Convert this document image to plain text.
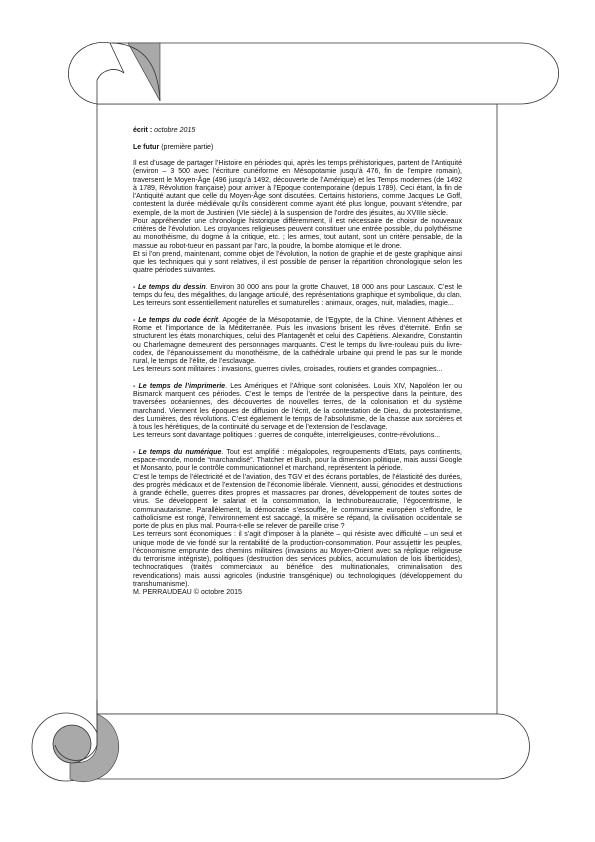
écrit : octobre 2015

Le futur (première partie)

Il est d’usage de partager l’Histoire en périodes qui, après les temps préhistoriques, partent de l’Antiquité (environ – 3 500 avec l’écriture cunéiforme en Mésopotamie jusqu’à 476, fin de l’empire romain), traversent le Moyen-Âge (496 jusqu’à 1492, découverte de l’Amérique) et les Temps modernes (de 1492 à 1789, Révolution française) pour arriver à l’Epoque contemporaine (depuis 1789). Ceci étant, la fin de l’Antiquité autant que celle du Moyen-Âge sont discutées. Certains historiens, comme Jacques Le Goff, contestent la durée médiévale qu’ils considèrent comme ayant été plus longue, pouvant s’étendre, par exemple, de la mort de Justinien (VIe siècle) à la suspension de l’ordre des jésuites, au XVIIIe siècle.

Pour appréhender une chronologie historique différemment, il est nécessaire de choisir de nouveaux critères de l’évolution. Les croyances religieuses peuvent constituer une entrée possible, du polythéisme au monothéisme, du dogme à la critique, etc. ; les armes, tout autant, sont un critère pensable, de la massue au robot-tueur en passant par l’arc, la poudre, la bombe atomique et le drone.

Et si l’on prend, maintenant, comme objet de l’évolution, la notion de graphie et de geste graphique ainsi que les techniques qui y sont relatives, il est possible de penser la répartition chronologique selon les quatre périodes suivantes.

- Le temps du dessin. Environ 30 000 ans pour la grotte Chauvet, 18 000 ans pour Lascaux. C’est le temps du feu, des mégalithes, du langage articulé, des représentations graphique et symbolique, du clan.

Les terreurs sont essentiellement naturelles et surnaturelles : animaux, orages, nuit, maladies, magie...

- Le temps du code écrit. Apogée de la Mésopotamie, de l’Egypte, de la Chine. Viennent Athènes et Rome et l’importance de la Méditerranée. Puis les invasions brisent les rêves d’éternité. Enfin se structurent les états monarchiques, celui des Plantagenêt et celui des Capétiens. Alexandre, Constantin ou Charlemagne demeurent des personnages marquants. C’est le temps du livre-rouleau puis du livre-codex, de l’épanouissement du monothéisme, de la cathédrale urbaine qui prend le pas sur le monde rural, le temps de l’élite, de l’esclavage.

Les terreurs sont militaires : invasions, guerres civiles, croisades, routiers et grandes compagnies...

- Le temps de l’imprimerie. Les Amériques et l’Afrique sont colonisées. Louis XIV, Napoléon Ier ou Bismarck marquent ces périodes. C’est le temps de l’entrée de la perspective dans la peinture, des traversées océaniennes, des découvertes de nouvelles terres, de la colonisation et du système marchand. Viennent les époques de diffusion de l’écrit, de la contestation de Dieu, du protestantisme, des Lumières, des révolutions. C’est également le temps de l’absolutisme, de la chasse aux sorcières et à tous les hérétiques, de la continuité du servage et de l’extension de l’esclavage.

Les terreurs sont davantage politiques : guerres de conquête, interreligieuses, contre-révolutions...

- Le temps du numérique. Tout est amplifié : mégalopoles, regroupements d’Etats, pays continents, espace-monde, monde “marchandisé”. Thatcher et Bush, pour la dimension politique, mais aussi Google et Monsanto, pour le contrôle communicationnel et marchand, représentent la période.

C’est le temps de l’électricité et de l’aviation, des TGV et des écrans portables, de l’élasticité des durées, des progrès médicaux et de l’extension de l’économie libérale. Viennent, aussi, génocides et destructions à grande échelle, guerres dites propres et massacres par drones, développement de toutes sortes de virus. Se développent le salariat et la consommation, la technobureaucratie, l’égocentrisme, le communautarisme. Parallèlement, la démocratie s’essouffle, le communisme européen s’effondre, le catholicisme est rongé, l’environnement est saccagé, la misère se répand, la civilisation occidentale se porte de plus en plus mal. Pourra-t-elle se relever de pareille crise ?

Les terreurs sont économiques : il s’agit d’imposer à la planète – qui résiste avec difficulté – un seul et unique mode de vie fondé sur la rentabilité de la production-consommation. Pour assujettir les peuples, l’économisme emprunte des chemins militaires (invasions au Moyen-Orient avec sa réplique religieuse du terrorisme intégriste), politiques (destruction des services publics, accumulation de lois liberticides), technocratiques (traités commerciaux au bénéfice des multinationales, criminalisation des revendications) mais aussi agricoles (industrie transgénique) ou technologiques (développement du transhumanisme).

M. PERRAUDEAU © octobre 2015
